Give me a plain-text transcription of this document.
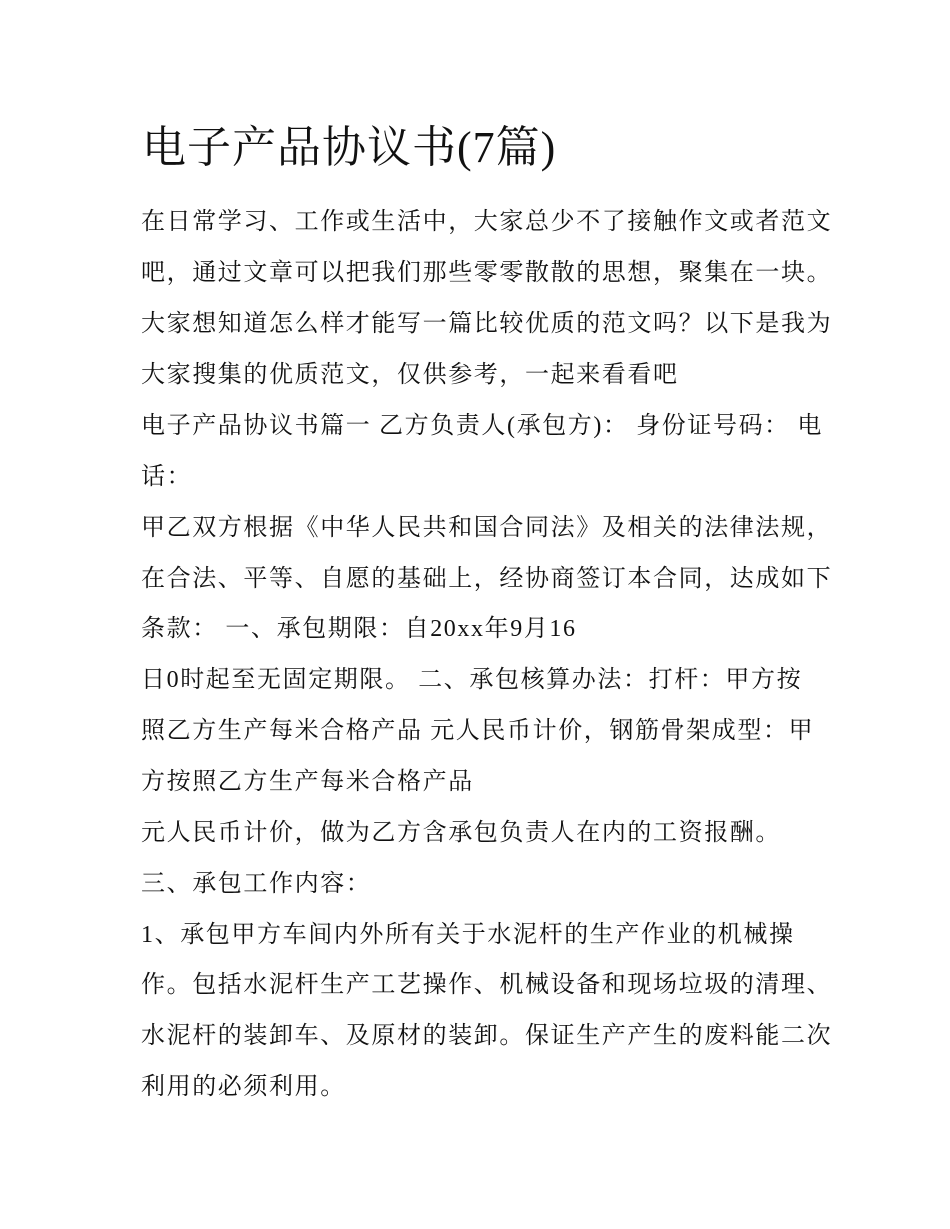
电子产品协议书(7篇)

在日常学习、工作或生活中，大家总少不了接触作文或者范文

吧，通过文章可以把我们那些零零散散的思想，聚集在一块。

大家想知道怎么样才能写一篇比较优质的范文吗？以下是我为

大家搜集的优质范文，仅供参考，一起来看看吧

电子产品协议书篇一 乙方负责人(承包方)： 身份证号码： 电

话：

甲乙双方根据《中华人民共和国合同法》及相关的法律法规，

在合法、平等、自愿的基础上，经协商签订本合同，达成如下

条款： 一、承包期限：自20xx年9月16

日0时起至无固定期限。 二、承包核算办法：打杆：甲方按

照乙方生产每米合格产品 元人民币计价，钢筋骨架成型：甲

方按照乙方生产每米合格产品

元人民币计价，做为乙方含承包负责人在内的工资报酬。

三、承包工作内容：

1、承包甲方车间内外所有关于水泥杆的生产作业的机械操

作。包括水泥杆生产工艺操作、机械设备和现场垃圾的清理、

水泥杆的装卸车、及原材的装卸。保证生产产生的废料能二次

利用的必须利用。
